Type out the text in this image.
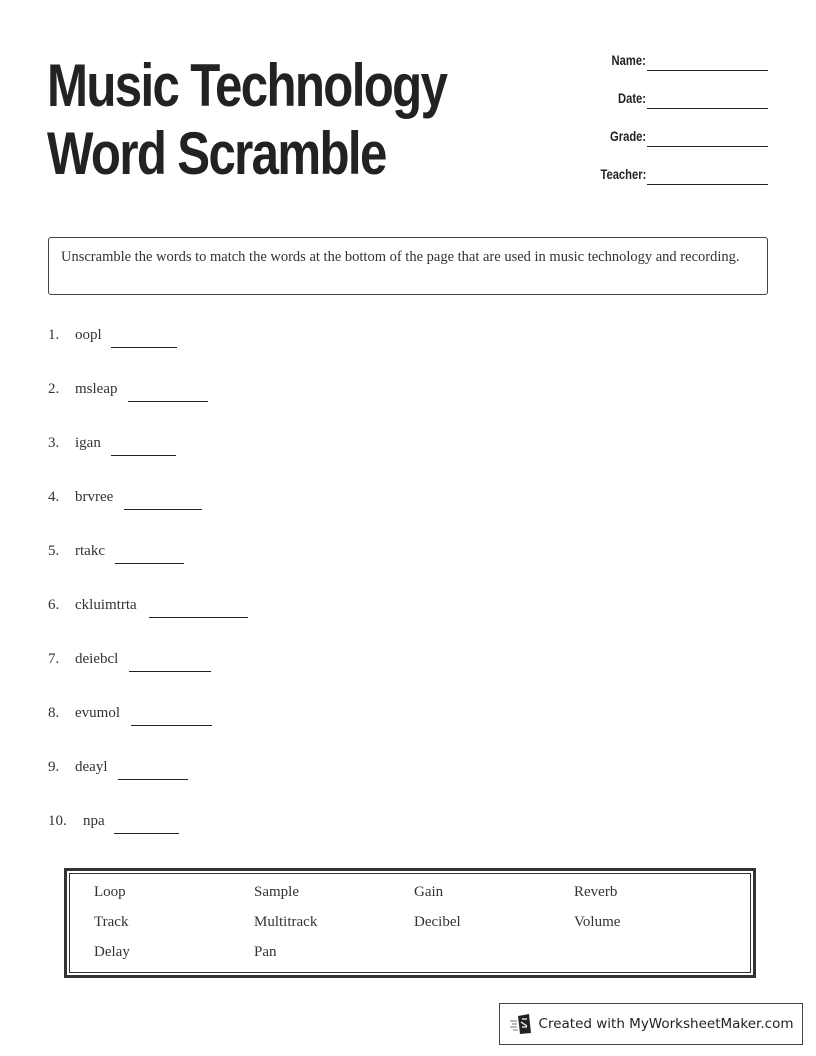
Music Technology
Word Scramble
Name:
Date:
Grade:
Teacher:
Unscramble the words to match the words at the bottom of the page that are used in music technology and recording.
1. oopl
2. msleap
3. igan
4. brvree
5. rtakc
6. ckluimtrta
7. deiebcl
8. evumol
9. deayl
10. npa
Loop	Sample	Gain	Reverb
Track	Multitrack	Decibel	Volume
Delay	Pan
Created with MyWorksheetMaker.com
